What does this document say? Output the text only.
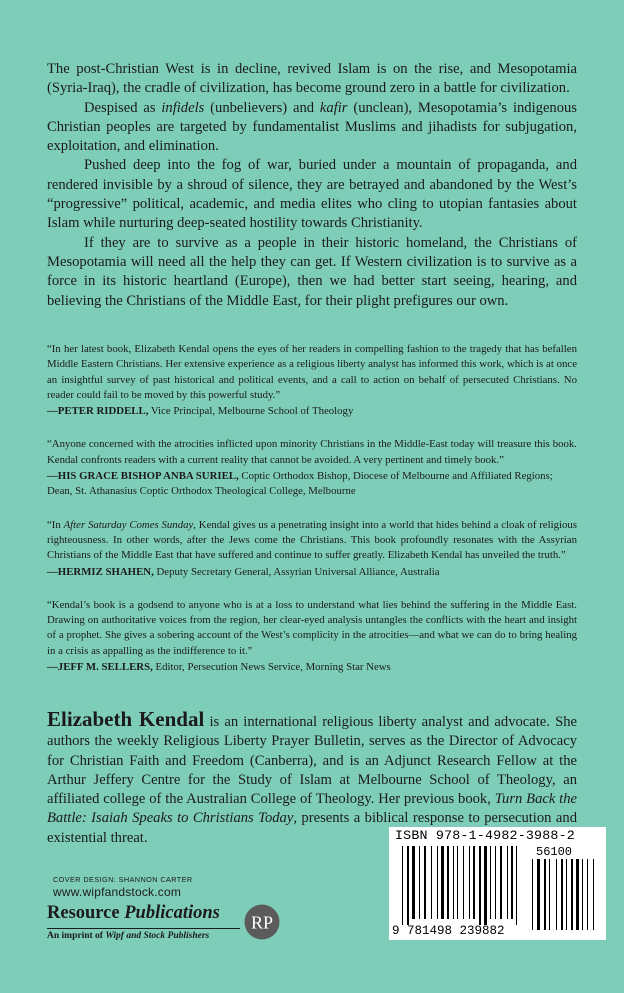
The post-Christian West is in decline, revived Islam is on the rise, and Mesopotamia (Syria-Iraq), the cradle of civilization, has become ground zero in a battle for civilization.

Despised as infidels (unbelievers) and kafir (unclean), Mesopotamia’s indigenous Christian peoples are targeted by fundamentalist Muslims and jihadists for subjugation, exploitation, and elimination.

Pushed deep into the fog of war, buried under a mountain of propaganda, and rendered invisible by a shroud of silence, they are betrayed and abandoned by the West’s “progressive” political, academic, and media elites who cling to utopian fantasies about Islam while nurturing deep-seated hostility towards Christianity.

If they are to survive as a people in their historic homeland, the Christians of Mesopotamia will need all the help they can get. If Western civilization is to survive as a force in its historic heartland (Europe), then we had better start seeing, hearing, and believing the Christians of the Middle East, for their plight prefigures our own.

“In her latest book, Elizabeth Kendal opens the eyes of her readers in compelling fashion to the tragedy that has befallen Middle Eastern Christians. Her extensive experience as a religious liberty analyst has informed this work, which is at once an insightful survey of past historical and political events, and a call to action on behalf of persecuted Christians. No reader could fail to be moved by this powerful study.”
—PETER RIDDELL, Vice Principal, Melbourne School of Theology
“Anyone concerned with the atrocities inflicted upon minority Christians in the Middle-East today will treasure this book. Kendal confronts readers with a current reality that cannot be avoided. A very pertinent and timely book.”
—HIS GRACE BISHOP ANBA SURIEL, Coptic Orthodox Bishop, Diocese of Melbourne and Affiliated Regions; Dean, St. Athanasius Coptic Orthodox Theological College, Melbourne
“In After Saturday Comes Sunday, Kendal gives us a penetrating insight into a world that hides behind a cloak of religious righteousness. In other words, after the Jews come the Christians. This book profoundly resonates with the Assyrian Christians of the Middle East that have suffered and continue to suffer greatly. Elizabeth Kendal has unveiled the truth.”
—HERMIZ SHAHEN, Deputy Secretary General, Assyrian Universal Alliance, Australia
“Kendal’s book is a godsend to anyone who is at a loss to understand what lies behind the suffering in the Middle East. Drawing on authoritative voices from the region, her clear-eyed analysis untangles the conflicts with the heart and insight of a prophet. She gives a sobering account of the West’s complicity in the atrocities—and what we can do to bring healing in a crisis as appalling as the indifference to it.”
—JEFF M. SELLERS, Editor, Persecution News Service, Morning Star News
Elizabeth Kendal is an international religious liberty analyst and advocate. She authors the weekly Religious Liberty Prayer Bulletin, serves as the Director of Advocacy for Christian Faith and Freedom (Canberra), and is an Adjunct Research Fellow at the Arthur Jeffery Centre for the Study of Islam at Melbourne School of Theology, an affiliated college of the Australian College of Theology. Her previous book, Turn Back the Battle: Isaiah Speaks to Christians Today, presents a biblical response to persecution and existential threat.
COVER DESIGN: SHANNON CARTER
www.wipfandstock.com
Resource Publications
An imprint of Wipf and Stock Publishers
RP
ISBN 978-1-4982-3988-2
56100
9 781498 239882
